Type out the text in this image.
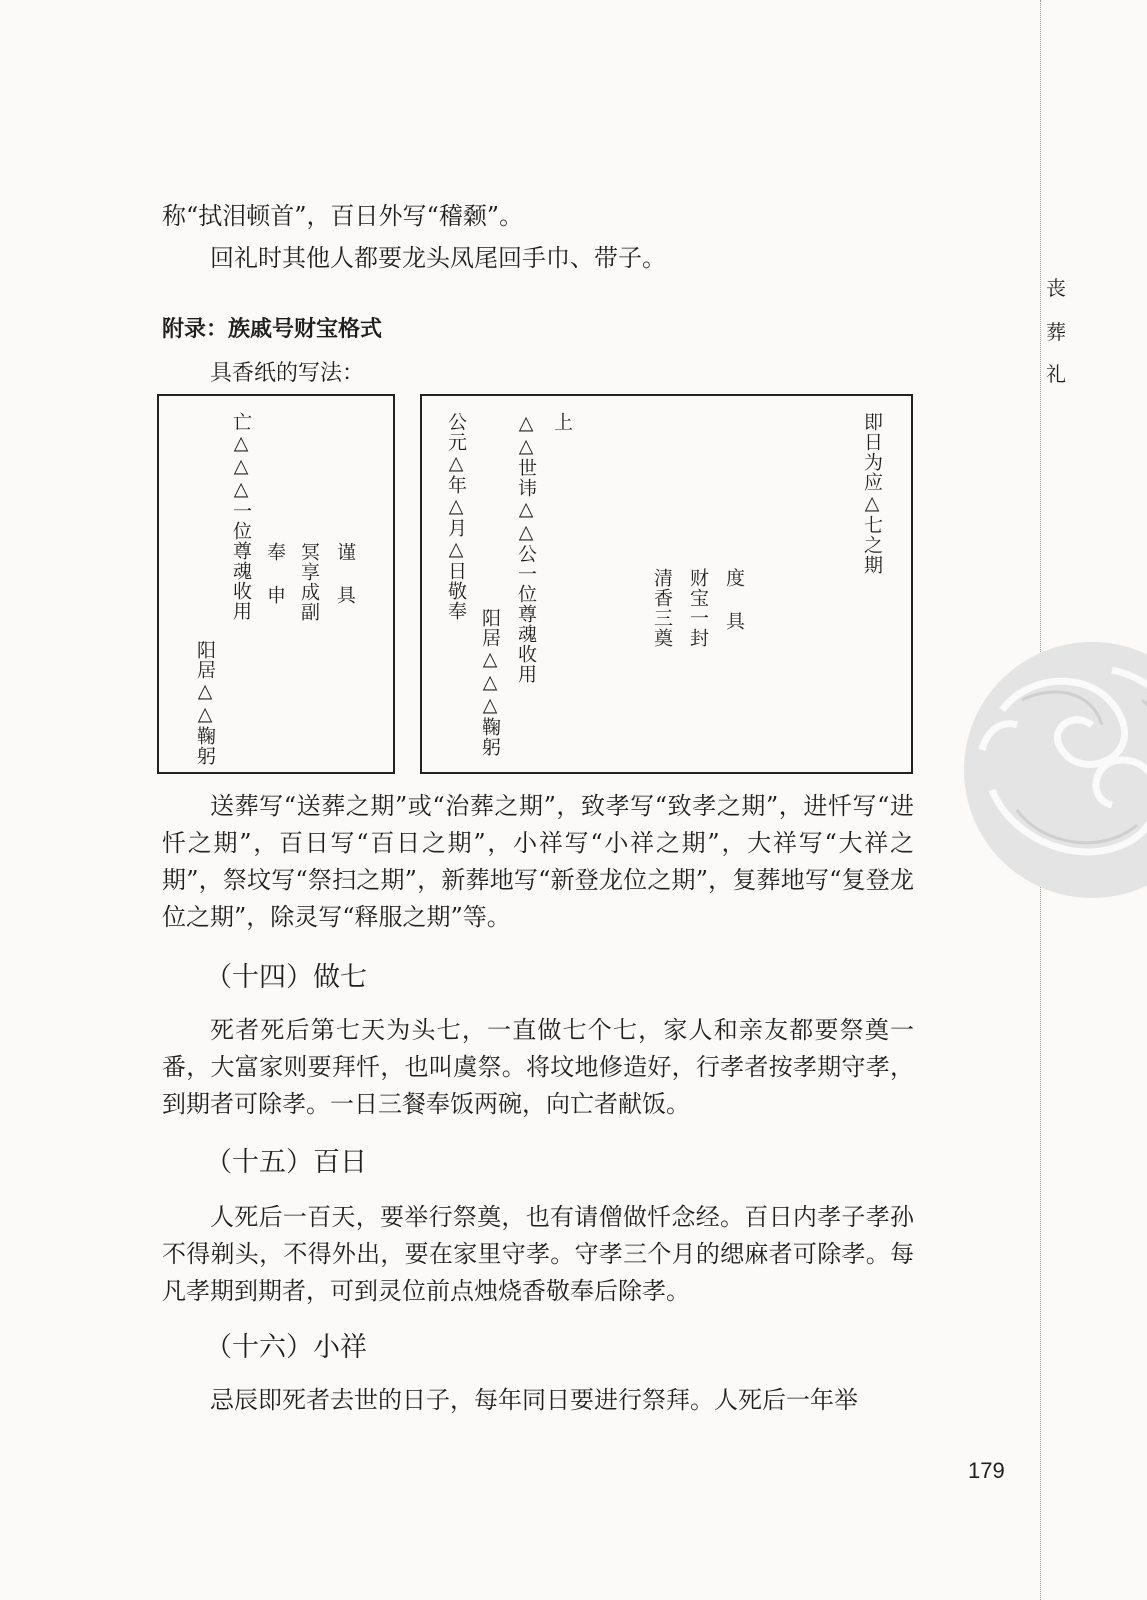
丧
葬
礼

称“拭泪顿首”，百日外写“稽颡”。

回礼时其他人都要龙头凤尾回手巾、带子。

附录：族戚号财宝格式

具香纸的写法：

亡△△△一位尊魂收用 奉 申 冥享成副 谨 具
阳居△△鞠躬
即日为应△七之期
度 具
财宝一封
清香三奠
上
△△世讳△△公一位尊魂收用
公元△年△月△日敬奉
阳居△△△鞠躬

送葬写“送葬之期”或“治葬之期”，致孝写“致孝之期”，进忏写“进忏之期”，百日写“百日之期”，小祥写“小祥之期”，大祥写“大祥之期”，祭坟写“祭扫之期”，新葬地写“新登龙位之期”，复葬地写“复登龙位之期”，除灵写“释服之期”等。

（十四）做七

死者死后第七天为头七，一直做七个七，家人和亲友都要祭奠一番，大富家则要拜忏，也叫虞祭。将坟地修造好，行孝者按孝期守孝，到期者可除孝。一日三餐奉饭两碗，向亡者献饭。

（十五）百日

人死后一百天，要举行祭奠，也有请僧做忏念经。百日内孝子孝孙不得剃头，不得外出，要在家里守孝。守孝三个月的缌麻者可除孝。每凡孝期到期者，可到灵位前点烛烧香敬奉后除孝。

（十六）小祥

忌辰即死者去世的日子，每年同日要进行祭拜。人死后一年举

179
